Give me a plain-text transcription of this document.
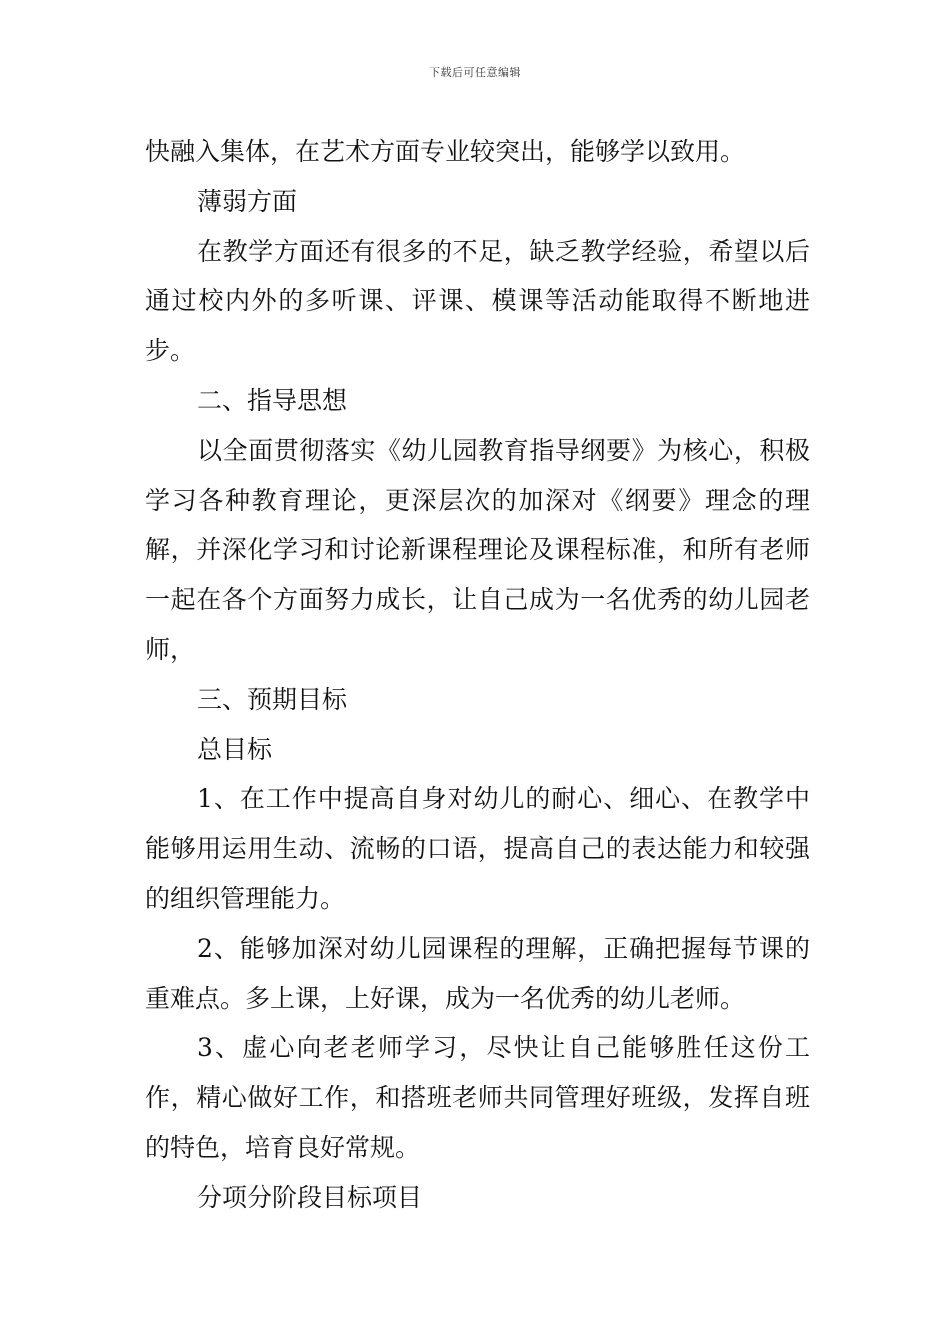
下载后可任意编辑

快融入集体，在艺术方面专业较突出，能够学以致用。

薄弱方面

在教学方面还有很多的不足，缺乏教学经验，希望以后通过校内外的多听课、评课、模课等活动能取得不断地进步。

二、指导思想

以全面贯彻落实《幼儿园教育指导纲要》为核心，积极学习各种教育理论，更深层次的加深对《纲要》理念的理解，并深化学习和讨论新课程理论及课程标准，和所有老师一起在各个方面努力成长，让自己成为一名优秀的幼儿园老师，

三、预期目标

总目标

1、在工作中提高自身对幼儿的耐心、细心、在教学中能够用运用生动、流畅的口语，提高自己的表达能力和较强的组织管理能力。

2、能够加深对幼儿园课程的理解，正确把握每节课的重难点。多上课，上好课，成为一名优秀的幼儿老师。

3、虚心向老老师学习，尽快让自己能够胜任这份工作，精心做好工作，和搭班老师共同管理好班级，发挥自班的特色，培育良好常规。

分项分阶段目标项目
